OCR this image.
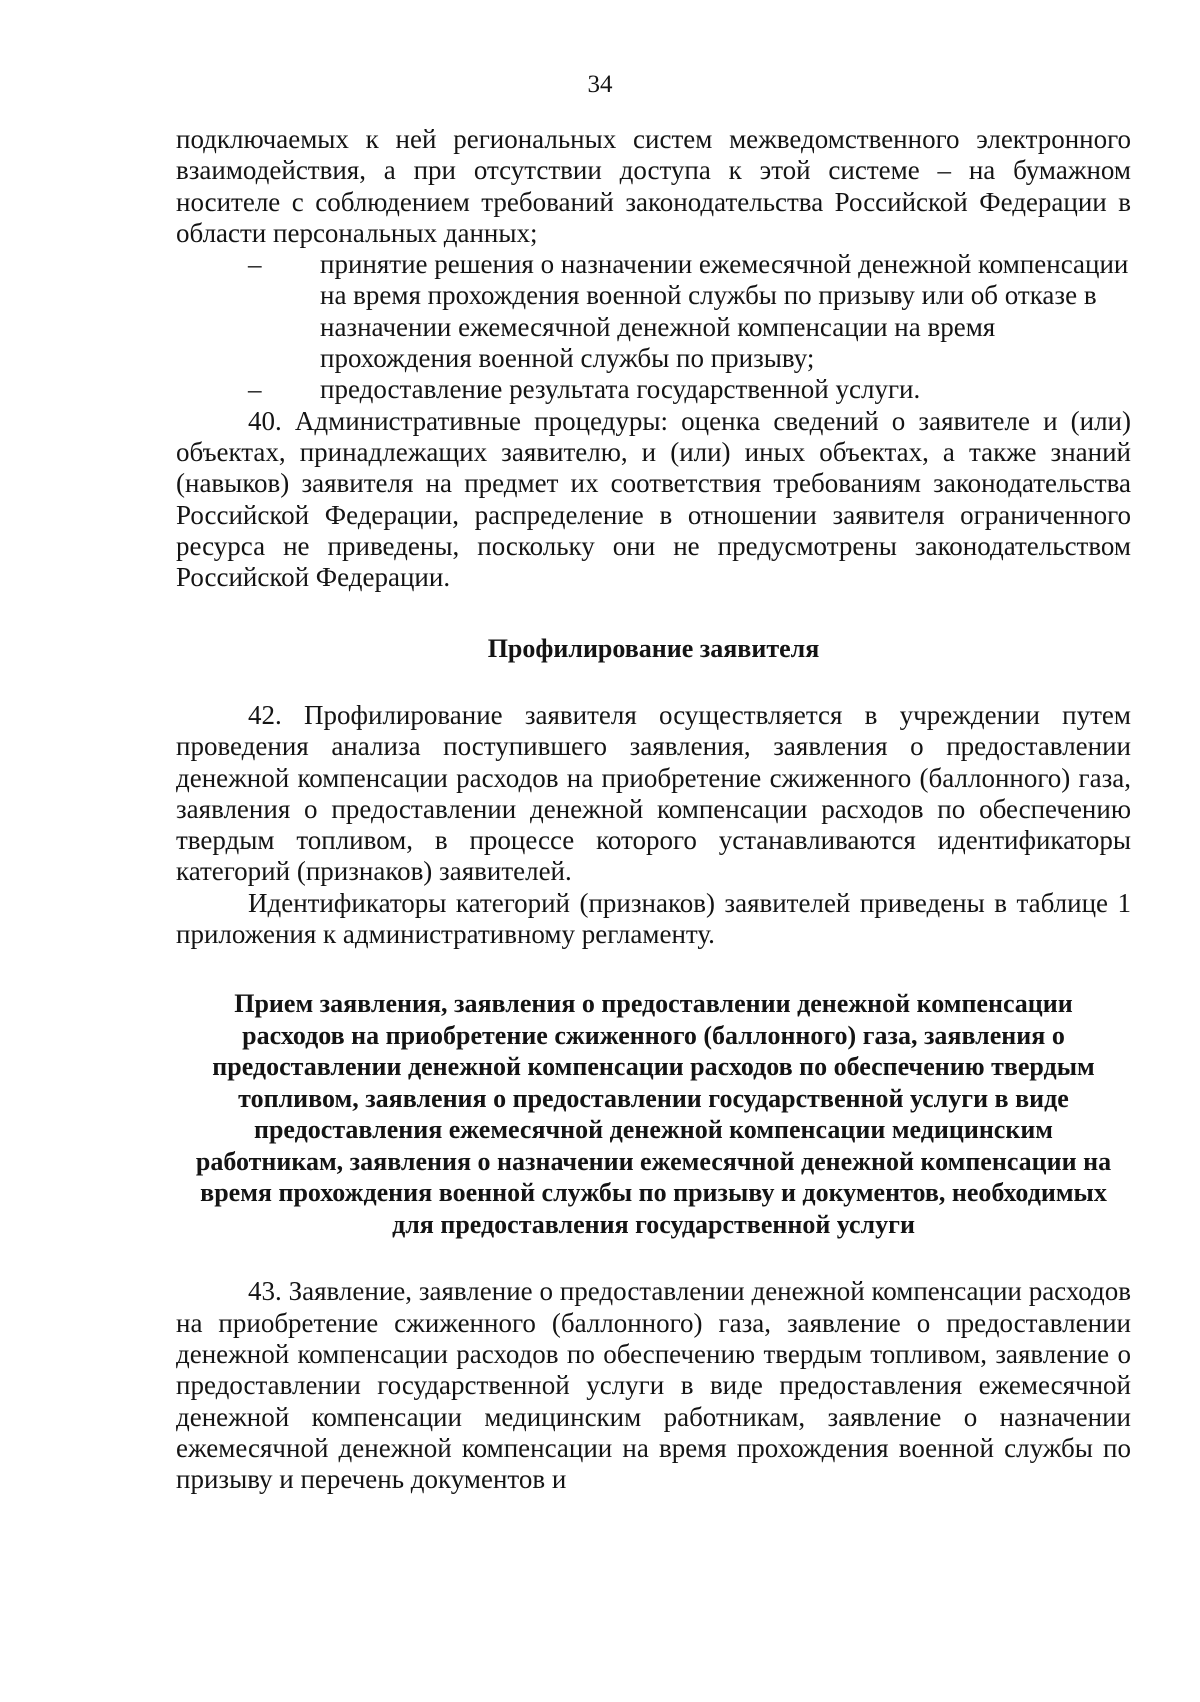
34

подключаемых к ней региональных систем межведомственного электронного взаимодействия, а при отсутствии доступа к этой системе – на бумажном носителе с соблюдением требований законодательства Российской Федерации в области персональных данных;

–	принятие решения о назначении ежемесячной денежной компенсации на время прохождения военной службы по призыву или об отказе в назначении ежемесячной денежной компенсации на время прохождения военной службы по призыву;
–	предоставление результата государственной услуги.

40. Административные процедуры: оценка сведений о заявителе и (или) объектах, принадлежащих заявителю, и (или) иных объектах, а также знаний (навыков) заявителя на предмет их соответствия требованиям законодательства Российской Федерации, распределение в отношении заявителя ограниченного ресурса не приведены, поскольку они не предусмотрены законодательством Российской Федерации.

Профилирование заявителя

42. Профилирование заявителя осуществляется в учреждении путем проведения анализа поступившего заявления, заявления о предоставлении денежной компенсации расходов на приобретение сжиженного (баллонного) газа, заявления о предоставлении денежной компенсации расходов по обеспечению твердым топливом, в процессе которого устанавливаются идентификаторы категорий (признаков) заявителей.

Идентификаторы категорий (признаков) заявителей приведены в таблице 1 приложения к административному регламенту.

Прием заявления, заявления о предоставлении денежной компенсации расходов на приобретение сжиженного (баллонного) газа, заявления о предоставлении денежной компенсации расходов по обеспечению твердым топливом, заявления о предоставлении государственной услуги в виде предоставления ежемесячной денежной компенсации медицинским работникам, заявления о назначении ежемесячной денежной компенсации на время прохождения военной службы по призыву и документов, необходимых для предоставления государственной услуги

43. Заявление, заявление о предоставлении денежной компенсации расходов на приобретение сжиженного (баллонного) газа, заявление о предоставлении денежной компенсации расходов по обеспечению твердым топливом, заявление о предоставлении государственной услуги в виде предоставления ежемесячной денежной компенсации медицинским работникам, заявление о назначении ежемесячной денежной компенсации на время прохождения военной службы по призыву и перечень документов и
